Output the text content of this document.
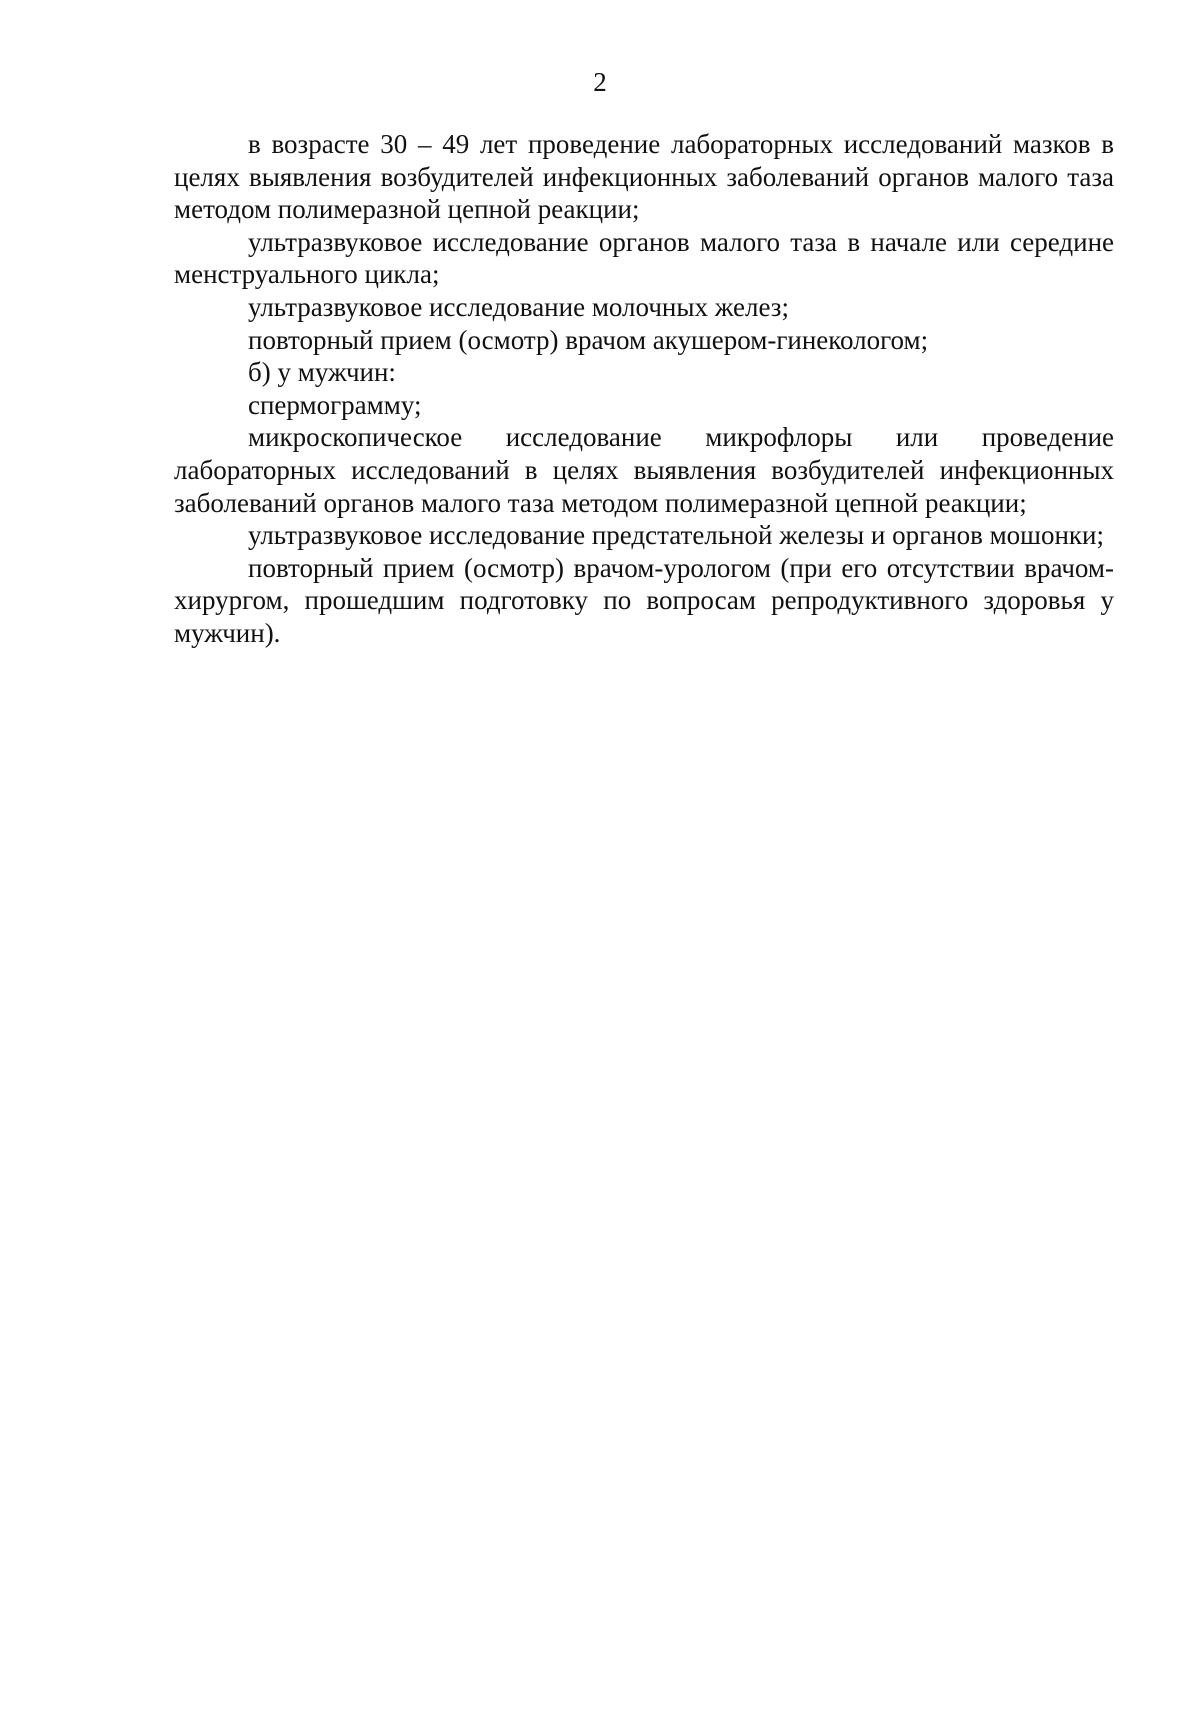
2

в возрасте 30 – 49 лет проведение лабораторных исследований мазков в целях выявления возбудителей инфекционных заболеваний органов малого таза методом полимеразной цепной реакции;

ультразвуковое исследование органов малого таза в начале или середине менструального цикла;

ультразвуковое исследование молочных желез;

повторный прием (осмотр) врачом акушером-гинекологом;

б) у мужчин:

спермограмму;

микроскопическое исследование микрофлоры или проведение лабораторных исследований в целях выявления возбудителей инфекционных заболеваний органов малого таза методом полимеразной цепной реакции;

ультразвуковое исследование предстательной железы и органов мошонки;

повторный прием (осмотр) врачом-урологом (при его отсутствии врачом-хирургом, прошедшим подготовку по вопросам репродуктивного здоровья у мужчин).
